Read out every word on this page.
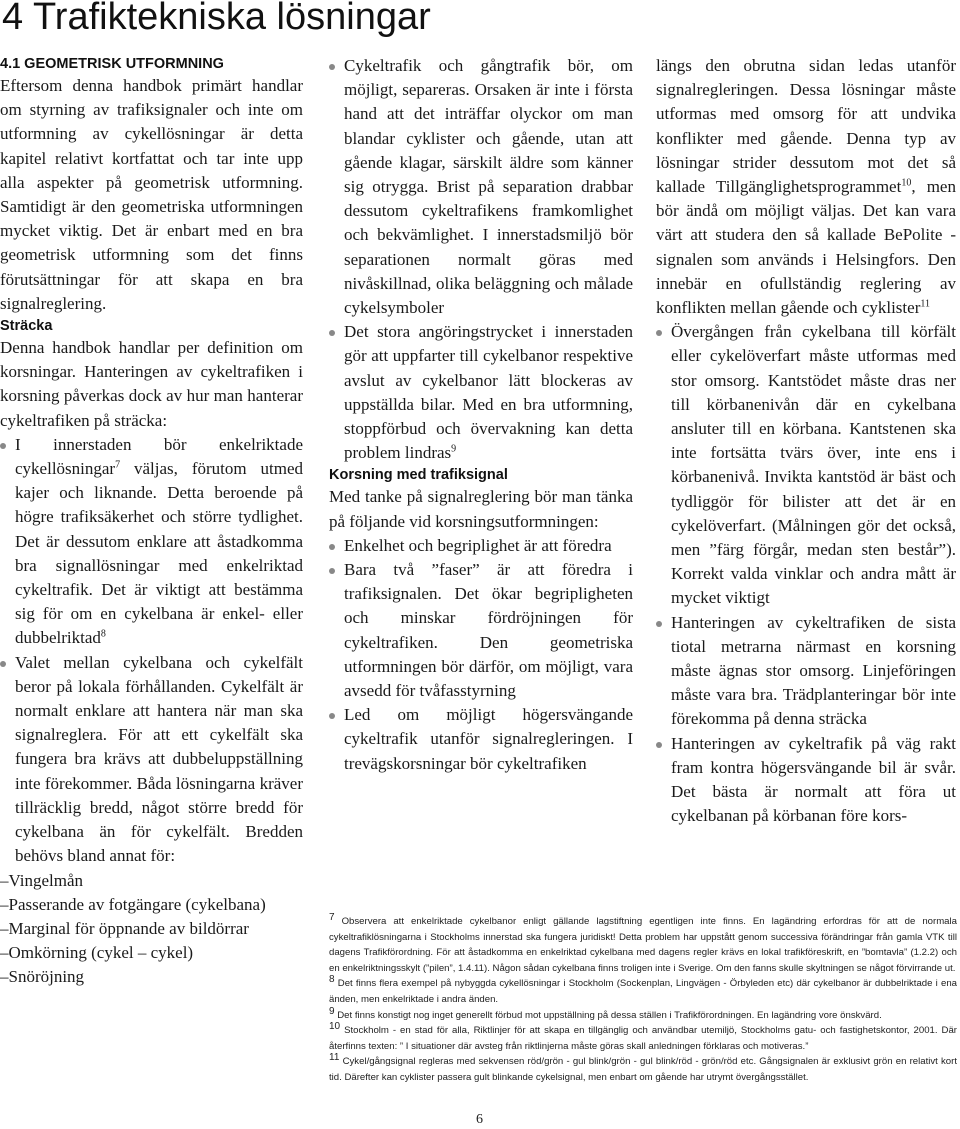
4 Trafiktekniska lösningar

4.1 GEOMETRISK UTFORMNING

Eftersom denna handbok primärt handlar om styrning av trafiksignaler och inte om utformning av cykellösningar är detta kapitel relativt kortfattat och tar inte upp alla aspekter på geometrisk utformning. Samtidigt är den geometriska utformningen mycket viktig. Det är enbart med en bra geometrisk utformning som det finns förutsättningar för att skapa en bra signalreglering.

Sträcka

Denna handbok handlar per definition om korsningar. Hanteringen av cykeltrafiken i korsning påverkas dock av hur man hanterar cykeltrafiken på sträcka:

I innerstaden bör enkelriktade cykellösningar$^7$ väljas, förutom utmed kajer och liknande. Detta beroende på högre trafiksäkerhet och större tydlighet. Det är dessutom enklare att åstadkomma bra signallösningar med enkelriktad cykeltrafik. Det är viktigt att bestämma sig för om en cykelbana är enkel- eller dubbelriktad$^8$
Valet mellan cykelbana och cykelfält beror på lokala förhållanden. Cykelfält är normalt enklare att hantera när man ska signalreglera. För att ett cykelfält ska fungera bra krävs att dubbeluppställning inte förekommer. Båda lösningarna kräver tillräcklig bredd, något större bredd för cykelbana än för cykelfält. Bredden behövs bland annat för:
– Vingelmån
– Passerande av fotgängare (cykelbana)
– Marginal för öppnande av bildörrar
– Omkörning (cykel – cykel)
– Snöröjning
Cykeltrafik och gångtrafik bör, om möjligt, separeras. Orsaken är inte i första hand att det inträffar olyckor om man blandar cyklister och gående, utan att gående klagar, särskilt äldre som känner sig otrygga. Brist på separation drabbar dessutom cykeltrafikens framkomlighet och bekvämlighet. I innerstadsmiljö bör separationen normalt göras med nivåskillnad, olika beläggning och målade cykelsymboler
Det stora angöringstrycket i innerstaden gör att uppfarter till cykelbanor respektive avslut av cykelbanor lätt blockeras av uppställda bilar. Med en bra utformning, stoppförbud och övervakning kan detta problem lindras$^9$

Korsning med trafiksignal

Med tanke på signalreglering bör man tänka på följande vid korsningsutformningen:

Enkelhet och begriplighet är att föredra
Bara två ”faser” är att föredra i trafiksignalen. Det ökar begripligheten och minskar fördröjningen för cykeltrafiken. Den geometriska utformningen bör därför, om möjligt, vara avsedd för tvåfasstyrning
Led om möjligt högersvängande cykeltrafik utanför signalregleringen. I trevägskorsningar bör cykeltrafiken

längs den obrutna sidan ledas utanför signalregleringen. Dessa lösningar måste utformas med omsorg för att undvika konflikter med gående. Denna typ av lösningar strider dessutom mot det så kallade Tillgänglighetsprogrammet$^{10}$, men bör ändå om möjligt väljas. Det kan vara värt att studera den så kallade BePolite -signalen som används i Helsingfors. Den innebär en ofullständig reglering av konflikten mellan gående och cyklister$^{11}$

Övergången från cykelbana till körfält eller cykelöverfart måste utformas med stor omsorg. Kantstödet måste dras ner till körbanenivån där en cykelbana ansluter till en körbana. Kantstenen ska inte fortsätta tvärs över, inte ens i körbanenivå. Invikta kantstöd är bäst och tydliggör för bilister att det är en cykelöverfart. (Målningen gör det också, men ”färg förgår, medan sten består”). Korrekt valda vinklar och andra mått är mycket viktigt
Hanteringen av cykeltrafiken de sista tiotal metrarna närmast en korsning måste ägnas stor omsorg. Linjeföringen måste vara bra. Trädplanteringar bör inte förekomma på denna sträcka
Hanteringen av cykeltrafik på väg rakt fram kontra högersvängande bil är svår. Det bästa är normalt att föra ut cykelbanan på körbanan före kors-

$^7$ Observera att enkelriktade cykelbanor enligt gällande lagstiftning egentligen inte finns. En lagändring erfordras för att de normala cykeltrafiklösningarna i Stockholms innerstad ska fungera juridiskt! Detta problem har uppstått genom successiva förändringar från gamla VTK till dagens Trafikförordning. För att åstadkomma en enkelriktad cykelbana med dagens regler krävs en lokal trafikföreskrift, en ”bomtavla” (1.2.2) och en enkelriktningsskylt (”pilen”, 1.4.11). Någon sådan cykelbana finns troligen inte i Sverige. Om den fanns skulle skyltningen se något förvirrande ut.

$^8$ Det finns flera exempel på nybyggda cykellösningar i Stockholm (Sockenplan, Lingvägen - Örbyleden etc) där cykelbanor är dubbelriktade i ena änden, men enkelriktade i andra änden.

$^9$ Det finns konstigt nog inget generellt förbud mot uppställning på dessa ställen i Trafikförordningen. En lagändring vore önskvärd.

$^{10}$ Stockholm - en stad för alla, Riktlinjer för att skapa en tillgänglig och användbar utemiljö, Stockholms gatu- och fastighetskontor, 2001. Där återfinns texten: ” I situationer där avsteg från riktlinjerna måste göras skall anledningen förklaras och motiveras.”

$^{11}$ Cykel/gångsignal regleras med sekvensen röd/grön - gul blink/grön - gul blink/röd - grön/röd etc. Gångsignalen är exklusivt grön en relativt kort tid. Därefter kan cyklister passera gult blinkande cykelsignal, men enbart om gående har utrymt övergångsstället.

6
